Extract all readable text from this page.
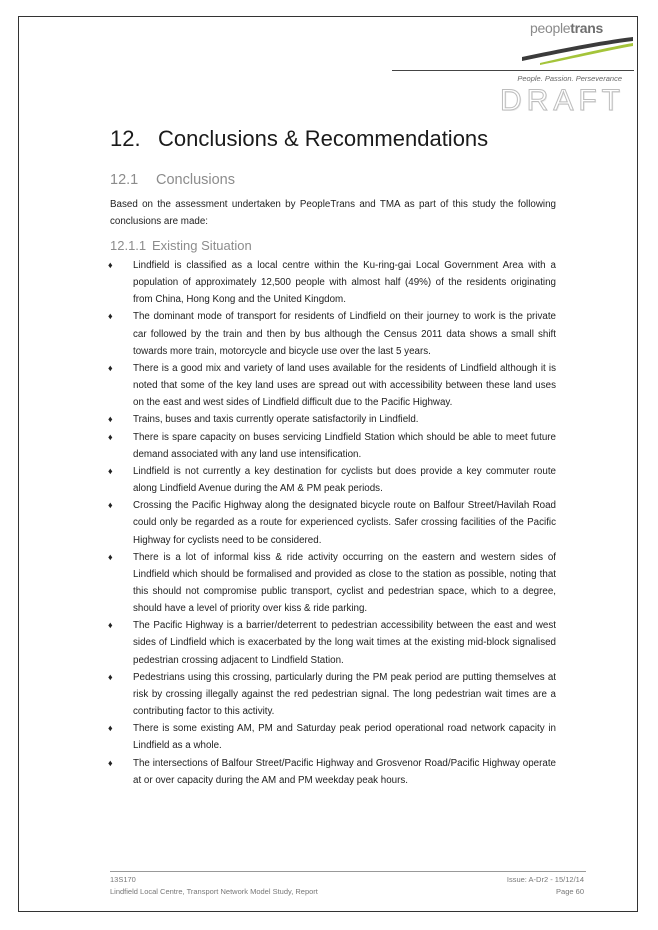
peopletrans
People. Passion. Perseverance
DRAFT
12. Conclusions & Recommendations
12.1 Conclusions

Based on the assessment undertaken by PeopleTrans and TMA as part of this study the following conclusions are made:

12.1.1 Existing Situation
♦ Lindfield is classified as a local centre within the Ku-ring-gai Local Government Area with a population of approximately 12,500 people with almost half (49%) of the residents originating from China, Hong Kong and the United Kingdom.
♦ The dominant mode of transport for residents of Lindfield on their journey to work is the private car followed by the train and then by bus although the Census 2011 data shows a small shift towards more train, motorcycle and bicycle use over the last 5 years.
♦ There is a good mix and variety of land uses available for the residents of Lindfield although it is noted that some of the key land uses are spread out with accessibility between these land uses on the east and west sides of Lindfield difficult due to the Pacific Highway.
♦ Trains, buses and taxis currently operate satisfactorily in Lindfield.
♦ There is spare capacity on buses servicing Lindfield Station which should be able to meet future demand associated with any land use intensification.
♦ Lindfield is not currently a key destination for cyclists but does provide a key commuter route along Lindfield Avenue during the AM & PM peak periods.
♦ Crossing the Pacific Highway along the designated bicycle route on Balfour Street/Havilah Road could only be regarded as a route for experienced cyclists. Safer crossing facilities of the Pacific Highway for cyclists need to be considered.
♦ There is a lot of informal kiss & ride activity occurring on the eastern and western sides of Lindfield which should be formalised and provided as close to the station as possible, noting that this should not compromise public transport, cyclist and pedestrian space, which to a degree, should have a level of priority over kiss & ride parking.
♦ The Pacific Highway is a barrier/deterrent to pedestrian accessibility between the east and west sides of Lindfield which is exacerbated by the long wait times at the existing mid-block signalised pedestrian crossing adjacent to Lindfield Station.
♦ Pedestrians using this crossing, particularly during the PM peak period are putting themselves at risk by crossing illegally against the red pedestrian signal. The long pedestrian wait times are a contributing factor to this activity.
♦ There is some existing AM, PM and Saturday peak period operational road network capacity in Lindfield as a whole.
♦ The intersections of Balfour Street/Pacific Highway and Grosvenor Road/Pacific Highway operate at or over capacity during the AM and PM weekday peak hours.
13S170
Lindfield Local Centre, Transport Network Model Study, Report
Issue: A-Dr2 - 15/12/14
Page 60
